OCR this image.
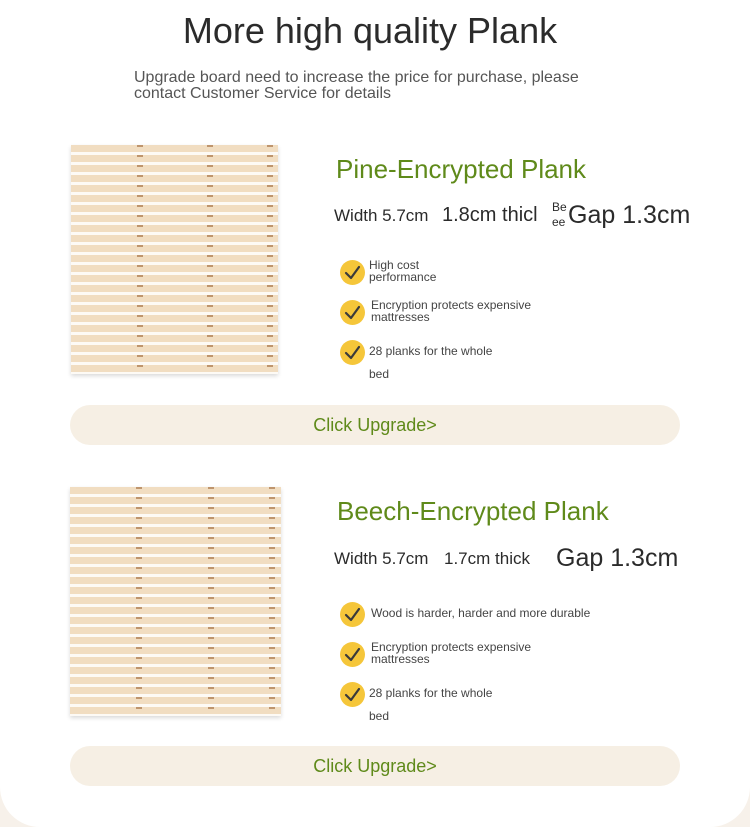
More high quality Plank
Upgrade board need to increase the price for purchase, please contact Customer Service for details
Pine-Encrypted Plank
Width 5.7cm 1.8cm thicl Be
ee Gap 1.3cm
High cost
performance
Encryption protects expensive
mattresses
28 planks for the whole
bed
Click Upgrade>
Beech-Encrypted Plank
Width 5.7cm 1.7cm thick Gap 1.3cm
Wood is harder, harder and more durable
Encryption protects expensive
mattresses
28 planks for the whole
bed
Click Upgrade>
